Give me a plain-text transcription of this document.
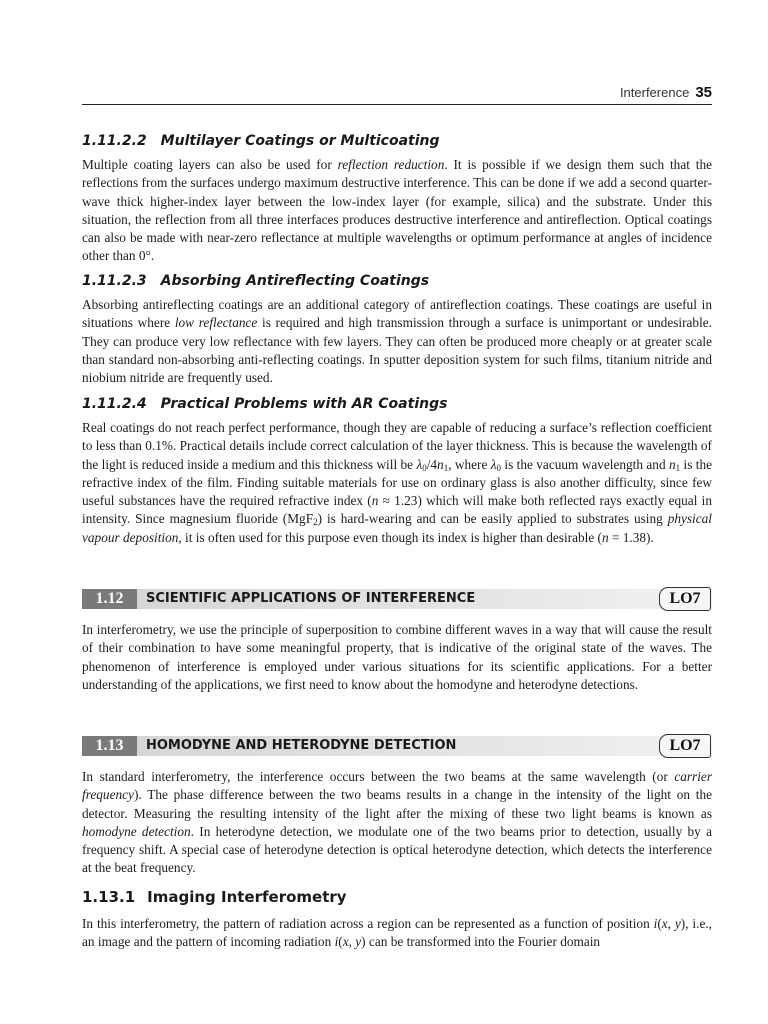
Interference 35
1.11.2.2 Multilayer Coatings or Multicoating
Multiple coating layers can also be used for reflection reduction. It is possible if we design them such that the reflections from the surfaces undergo maximum destructive interference. This can be done if we add a second quarter-wave thick higher-index layer between the low-index layer (for example, silica) and the substrate. Under this situation, the reflection from all three interfaces produces destructive interference and antireflection. Optical coatings can also be made with near-zero reflectance at multiple wavelengths or optimum performance at angles of incidence other than 0°.
1.11.2.3 Absorbing Antireflecting Coatings
Absorbing antireflecting coatings are an additional category of antireflection coatings. These coatings are useful in situations where low reflectance is required and high transmission through a surface is unimportant or undesirable. They can produce very low reflectance with few layers. They can often be produced more cheaply or at greater scale than standard non-absorbing anti-reflecting coatings. In sputter deposition system for such films, titanium nitride and niobium nitride are frequently used.
1.11.2.4 Practical Problems with AR Coatings
Real coatings do not reach perfect performance, though they are capable of reducing a surface’s reflection coefficient to less than 0.1%. Practical details include correct calculation of the layer thickness. This is because the wavelength of the light is reduced inside a medium and this thickness will be $\lambda_0/4n_1$, where $\lambda_0$ is the vacuum wavelength and $n_1$ is the refractive index of the film. Finding suitable materials for use on ordinary glass is also another difficulty, since few useful substances have the required refractive index (n ≈ 1.23) which will make both reflected rays exactly equal in intensity. Since magnesium fluoride (MgF$_2$) is hard-wearing and can be easily applied to substrates using physical vapour deposition, it is often used for this purpose even though its index is higher than desirable (n = 1.38).
1.12	SCIENTIFIC APPLICATIONS OF INTERFERENCE	LO7
In interferometry, we use the principle of superposition to combine different waves in a way that will cause the result of their combination to have some meaningful property, that is indicative of the original state of the waves. The phenomenon of interference is employed under various situations for its scientific applications. For a better understanding of the applications, we first need to know about the homodyne and heterodyne detections.
1.13	HOMODYNE AND HETERODYNE DETECTION	LO7
In standard interferometry, the interference occurs between the two beams at the same wavelength (or carrier frequency). The phase difference between the two beams results in a change in the intensity of the light on the detector. Measuring the resulting intensity of the light after the mixing of these two light beams is known as homodyne detection. In heterodyne detection, we modulate one of the two beams prior to detection, usually by a frequency shift. A special case of heterodyne detection is optical heterodyne detection, which detects the interference at the beat frequency.
1.13.1 Imaging Interferometry
In this interferometry, the pattern of radiation across a region can be represented as a function of position i(x, y), i.e., an image and the pattern of incoming radiation i(x, y) can be transformed into the Fourier domain
